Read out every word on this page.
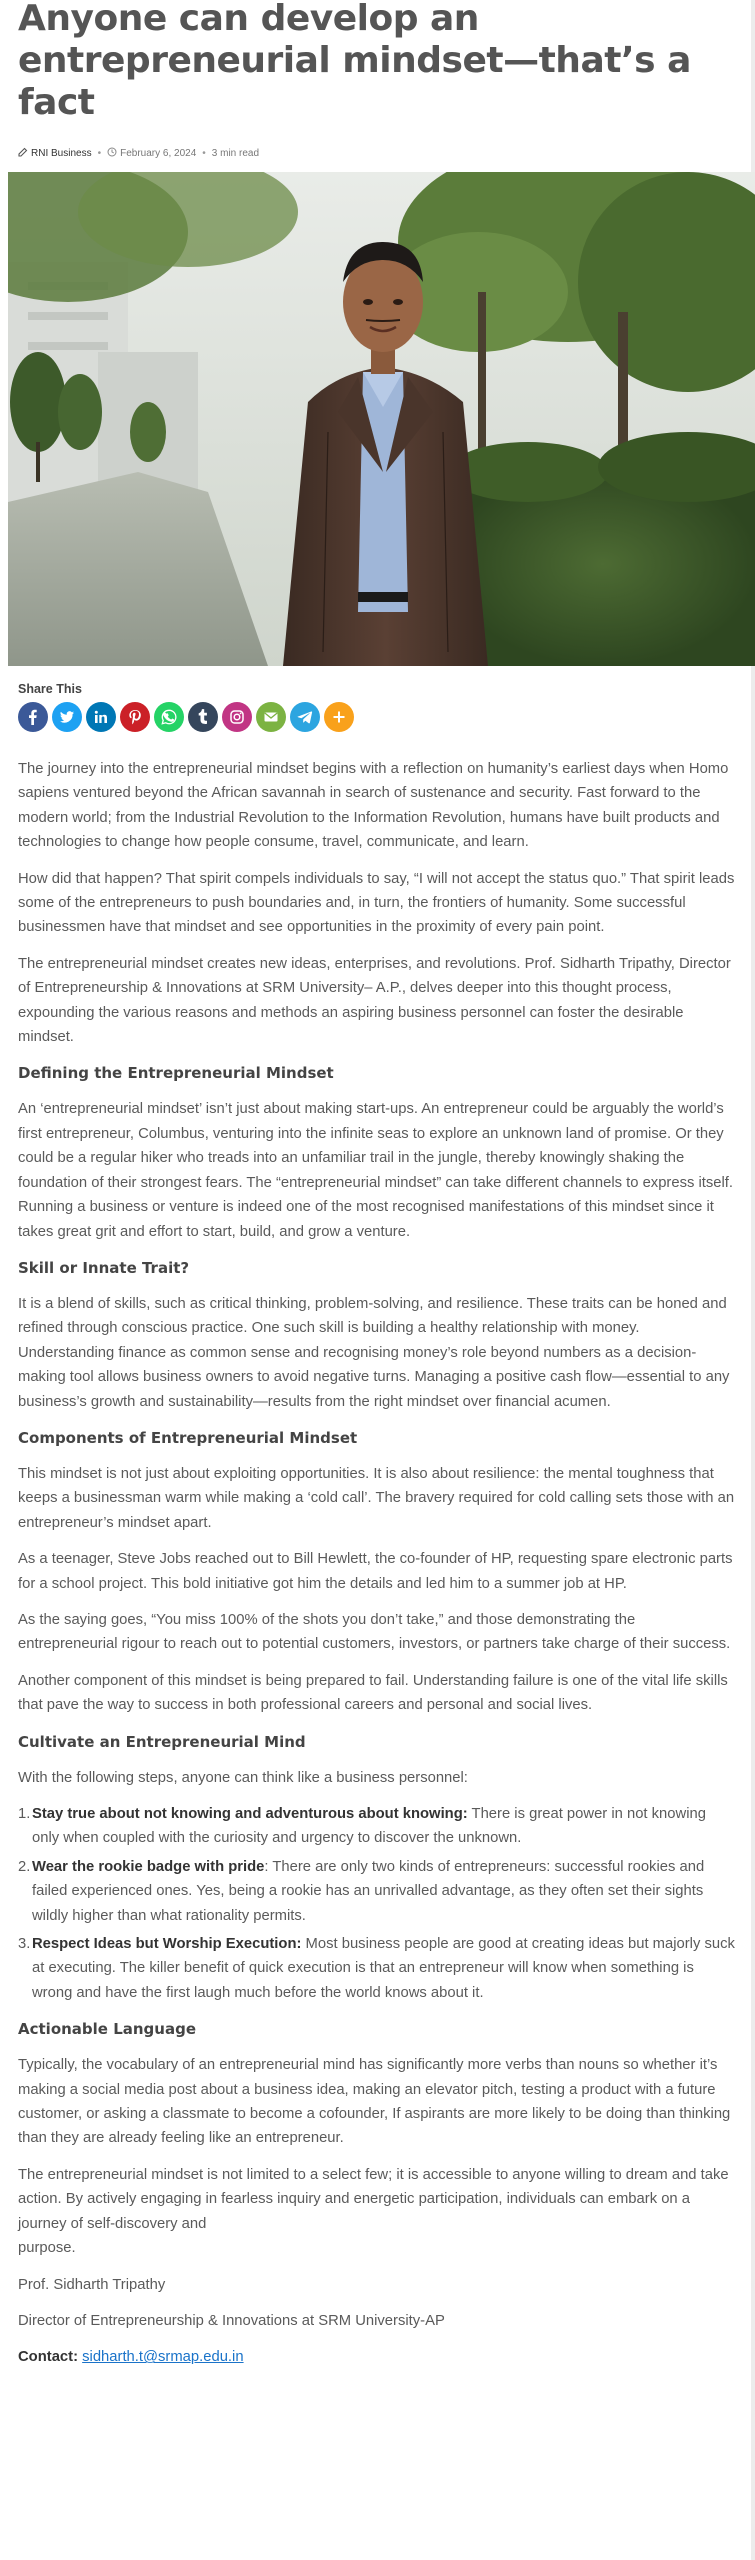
Anyone can develop an entrepreneurial mindset—that’s a fact
RNI Business • February 6, 2024 • 3 min read
Share This

The journey into the entrepreneurial mindset begins with a reflection on humanity’s earliest days when Homo sapiens ventured beyond the African savannah in search of sustenance and security. Fast forward to the modern world; from the Industrial Revolution to the Information Revolution, humans have built products and technologies to change how people consume, travel, communicate, and learn.

How did that happen? That spirit compels individuals to say, “I will not accept the status quo.” That spirit leads some of the entrepreneurs to push boundaries and, in turn, the frontiers of humanity. Some successful businessmen have that mindset and see opportunities in the proximity of every pain point.

The entrepreneurial mindset creates new ideas, enterprises, and revolutions. Prof. Sidharth Tripathy, Director of Entrepreneurship & Innovations at SRM University– A.P., delves deeper into this thought process, expounding the various reasons and methods an aspiring business personnel can foster the desirable mindset.

Defining the Entrepreneurial Mindset

An ‘entrepreneurial mindset’ isn’t just about making start-ups. An entrepreneur could be arguably the world’s first entrepreneur, Columbus, venturing into the infinite seas to explore an unknown land of promise. Or they could be a regular hiker who treads into an unfamiliar trail in the jungle, thereby knowingly shaking the foundation of their strongest fears. The “entrepreneurial mindset” can take different channels to express itself. Running a business or venture is indeed one of the most recognised manifestations of this mindset since it takes great grit and effort to start, build, and grow a venture.

Skill or Innate Trait?

It is a blend of skills, such as critical thinking, problem-solving, and resilience. These traits can be honed and refined through conscious practice. One such skill is building a healthy relationship with money. Understanding finance as common sense and recognising money’s role beyond numbers as a decision-making tool allows business owners to avoid negative turns. Managing a positive cash flow—essential to any business’s growth and sustainability—results from the right mindset over financial acumen.

Components of Entrepreneurial Mindset

This mindset is not just about exploiting opportunities. It is also about resilience: the mental toughness that keeps a businessman warm while making a ‘cold call’. The bravery required for cold calling sets those with an entrepreneur’s mindset apart.

As a teenager, Steve Jobs reached out to Bill Hewlett, the co-founder of HP, requesting spare electronic parts for a school project. This bold initiative got him the details and led him to a summer job at HP.

As the saying goes, “You miss 100% of the shots you don’t take,” and those demonstrating the entrepreneurial rigour to reach out to potential customers, investors, or partners take charge of their success.

Another component of this mindset is being prepared to fail. Understanding failure is one of the vital life skills that pave the way to success in both professional careers and personal and social lives.

Cultivate an Entrepreneurial Mind

With the following steps, anyone can think like a business personnel:

1. Stay true about not knowing and adventurous about knowing: There is great power in not knowing only when coupled with the curiosity and urgency to discover the unknown.
2. Wear the rookie badge with pride: There are only two kinds of entrepreneurs: successful rookies and failed experienced ones. Yes, being a rookie has an unrivalled advantage, as they often set their sights wildly higher than what rationality permits.
3. Respect Ideas but Worship Execution: Most business people are good at creating ideas but majorly suck at executing. The killer benefit of quick execution is that an entrepreneur will know when something is wrong and have the first laugh much before the world knows about it.
Actionable Language

Typically, the vocabulary of an entrepreneurial mind has significantly more verbs than nouns so whether it’s making a social media post about a business idea, making an elevator pitch, testing a product with a future customer, or asking a classmate to become a cofounder, If aspirants are more likely to be doing than thinking than they are already feeling like an entrepreneur.

The entrepreneurial mindset is not limited to a select few; it is accessible to anyone willing to dream and take action. By actively engaging in fearless inquiry and energetic participation, individuals can embark on a journey of self-discovery and
purpose.

Prof. Sidharth Tripathy

Director of Entrepreneurship & Innovations at SRM University-AP

Contact: sidharth.t@srmap.edu.in
